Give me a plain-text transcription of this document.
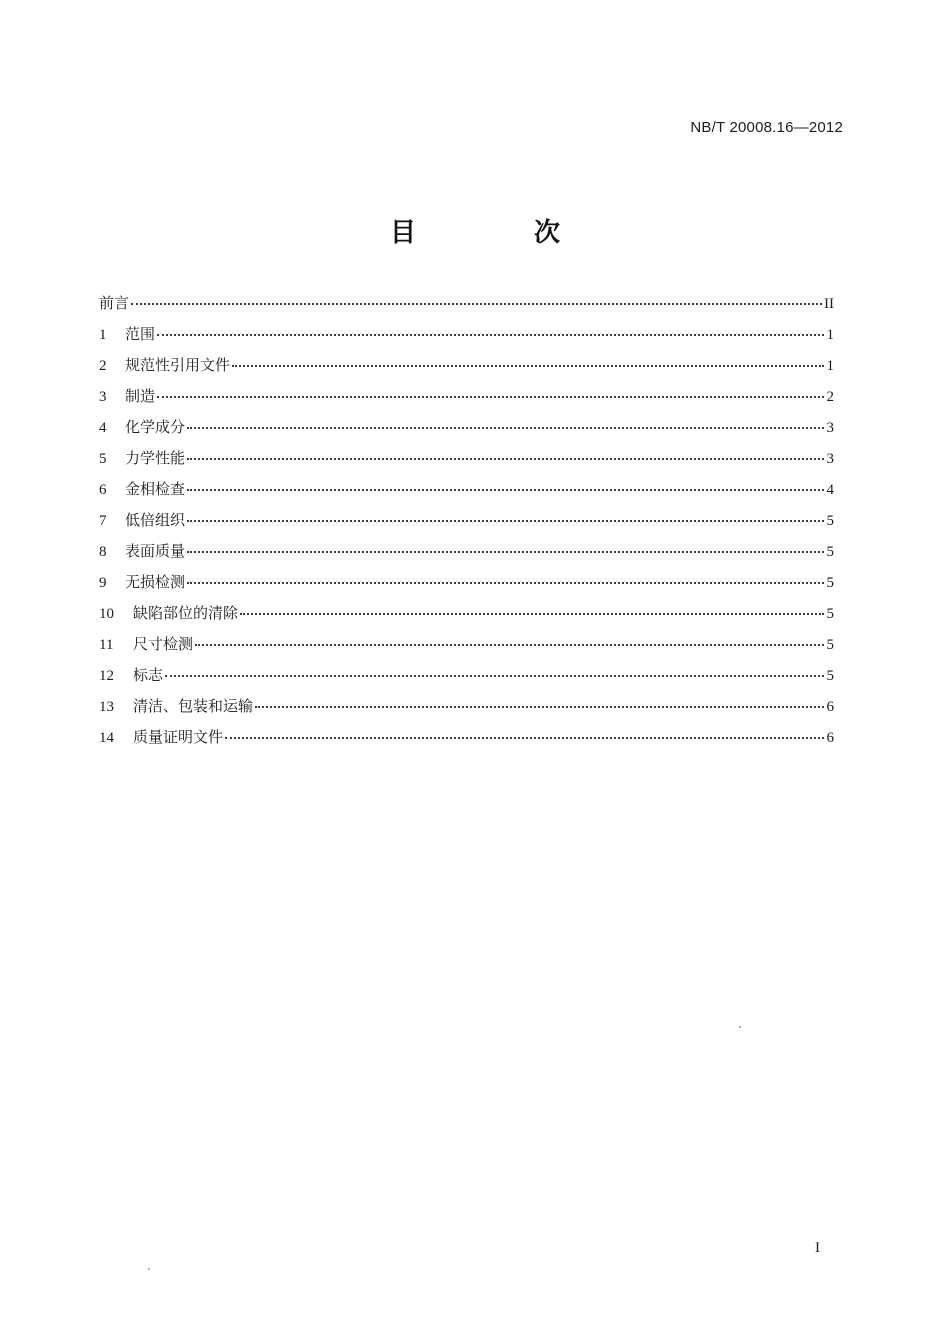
NB/T 20008.16—2012
目　次
前言	II
1	范围	1
2	规范性引用文件	1
3	制造	2
4	化学成分	3
5	力学性能	3
6	金相检查	4
7	低倍组织	5
8	表面质量	5
9	无损检测	5
10	缺陷部位的清除	5
11	尺寸检测	5
12	标志	5
13	清洁、包装和运输	6
14	质量证明文件	6
I
